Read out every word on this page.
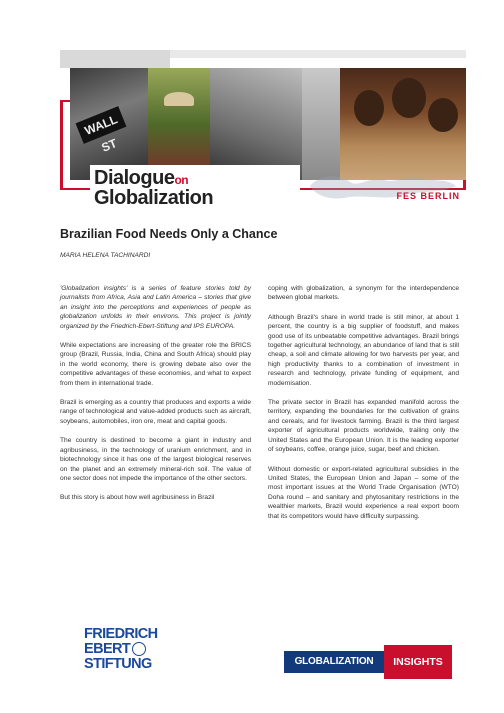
WALL ST
Dialogueon
Globalization	FES BERLIN
Brazilian Food Needs Only a Chance
MARIA HELENA TACHINARDI

'Globalization insights' is a series of feature stories told by journalists from Africa, Asia and Latin America – stories that give an insight into the perceptions and experiences of people as globalization unfolds in their environs. This project is jointly organized by the Friedrich-Ebert-Stiftung and IPS EUROPA.

While expectations are increasing of the greater role the BRICS group (Brazil, Russia, India, China and South Africa) should play in the world economy, there is growing debate also over the competitive advantages of these economies, and what to expect from them in international trade.

Brazil is emerging as a country that produces and exports a wide range of technological and value-added products such as aircraft, soybeans, automobiles, iron ore, meat and capital goods.

The country is destined to become a giant in industry and agribusiness, in the technology of uranium enrichment, and in biotechnology since it has one of the largest biological reserves on the planet and an extremely mineral-rich soil. The value of one sector does not impede the importance of the other sectors.

But this story is about how well agribusiness in Brazil

coping with globalization, a synonym for the interdependence between global markets.

Although Brazil's share in world trade is still minor, at about 1 percent, the country is a big supplier of foodstuff, and makes good use of its unbeatable competitive advantages. Brazil brings together agricultural technology, an abundance of land that is still cheap, a soil and climate allowing for two harvests per year, and high productivity thanks to a combination of investment in research and technology, private funding of equipment, and modernisation.

The private sector in Brazil has expanded manifold across the territory, expanding the boundaries for the cultivation of grains and cereals, and for livestock farming. Brazil is the third largest exporter of agricultural products worldwide, trailing only the United States and the European Union. It is the leading exporter of soybeans, coffee, orange juice, sugar, beef and chicken.

Without domestic or export-related agricultural subsidies in the United States, the European Union and Japan – some of the most important issues at the World Trade Organisation (WTO) Doha round – and sanitary and phytosanitary restrictions in the wealthier markets, Brazil would experience a real export boom that its competitors would have difficulty surpassing.

FRIEDRICH
EBERT
STIFTUNG	GLOBALIZATION	INSIGHTS
